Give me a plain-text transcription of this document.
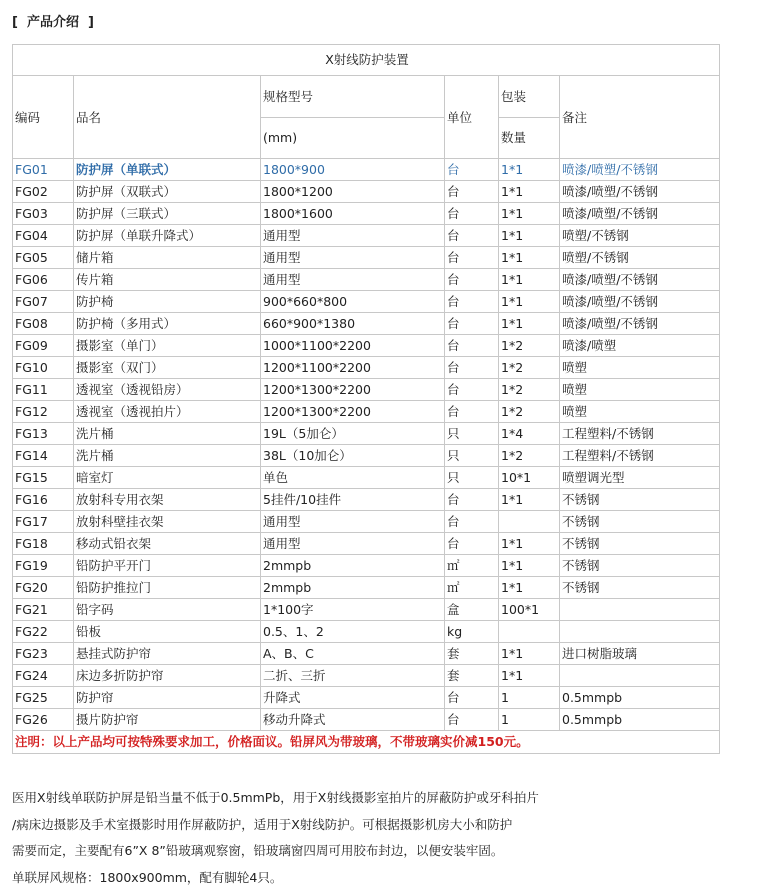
[  产品介绍  ]
X射线防护装置					
编码	品名	规格型号	单位	包装	备注
		(mm)		数量	
FG01	防护屏（单联式）	1800*900	台	1*1	喷漆/喷塑/不锈钢
FG02	防护屏（双联式）	1800*1200	台	1*1	喷漆/喷塑/不锈钢
FG03	防护屏（三联式）	1800*1600	台	1*1	喷漆/喷塑/不锈钢
FG04	防护屏（单联升降式）	通用型	台	1*1	喷塑/不锈钢
FG05	储片箱	通用型	台	1*1	喷塑/不锈钢
FG06	传片箱	通用型	台	1*1	喷漆/喷塑/不锈钢
FG07	防护椅	900*660*800	台	1*1	喷漆/喷塑/不锈钢
FG08	防护椅（多用式）	660*900*1380	台	1*1	喷漆/喷塑/不锈钢
FG09	摄影室（单门）	1000*1100*2200	台	1*2	喷漆/喷塑
FG10	摄影室（双门）	1200*1100*2200	台	1*2	喷塑
FG11	透视室（透视铅房）	1200*1300*2200	台	1*2	喷塑
FG12	透视室（透视拍片）	1200*1300*2200	台	1*2	喷塑
FG13	洗片桶	19L（5加仑）	只	1*4	工程塑料/不锈钢
FG14	洗片桶	38L（10加仑）	只	1*2	工程塑料/不锈钢
FG15	暗室灯	单色	只	10*1	喷塑调光型
FG16	放射科专用衣架	5挂件/10挂件	台	1*1	不锈钢
FG17	放射科壁挂衣架	通用型	台		不锈钢
FG18	移动式铅衣架	通用型	台	1*1	不锈钢
FG19	铅防护平开门	2mmpb	㎡	1*1	不锈钢
FG20	铅防护推拉门	2mmpb	㎡	1*1	不锈钢
FG21	铅字码	1*100字	盒	100*1	
FG22	铅板	0.5、1、2	kg		
FG23	悬挂式防护帘	A、B、C	套	1*1	进口树脂玻璃
FG24	床边多折防护帘	二折、三折	套	1*1	
FG25	防护帘	升降式	台	1	0.5mmpb
FG26	摄片防护帘	移动升降式	台	1	0.5mmpb
注明：以上产品均可按特殊要求加工，价格面议。铅屏风为带玻璃，不带玻璃实价减150元。					

医用X射线单联防护屏是铅当量不低于0.5mmPb，用于X射线摄影室拍片的屏蔽防护或牙科拍片

/病床边摄影及手术室摄影时用作屏蔽防护，适用于X射线防护。可根据摄影机房大小和防护

需要而定，主要配有6”X 8”铅玻璃观察窗，铅玻璃窗四周可用胶布封边，以便安装牢固。

单联屏风规格：1800x900mm，配有脚轮4只。
